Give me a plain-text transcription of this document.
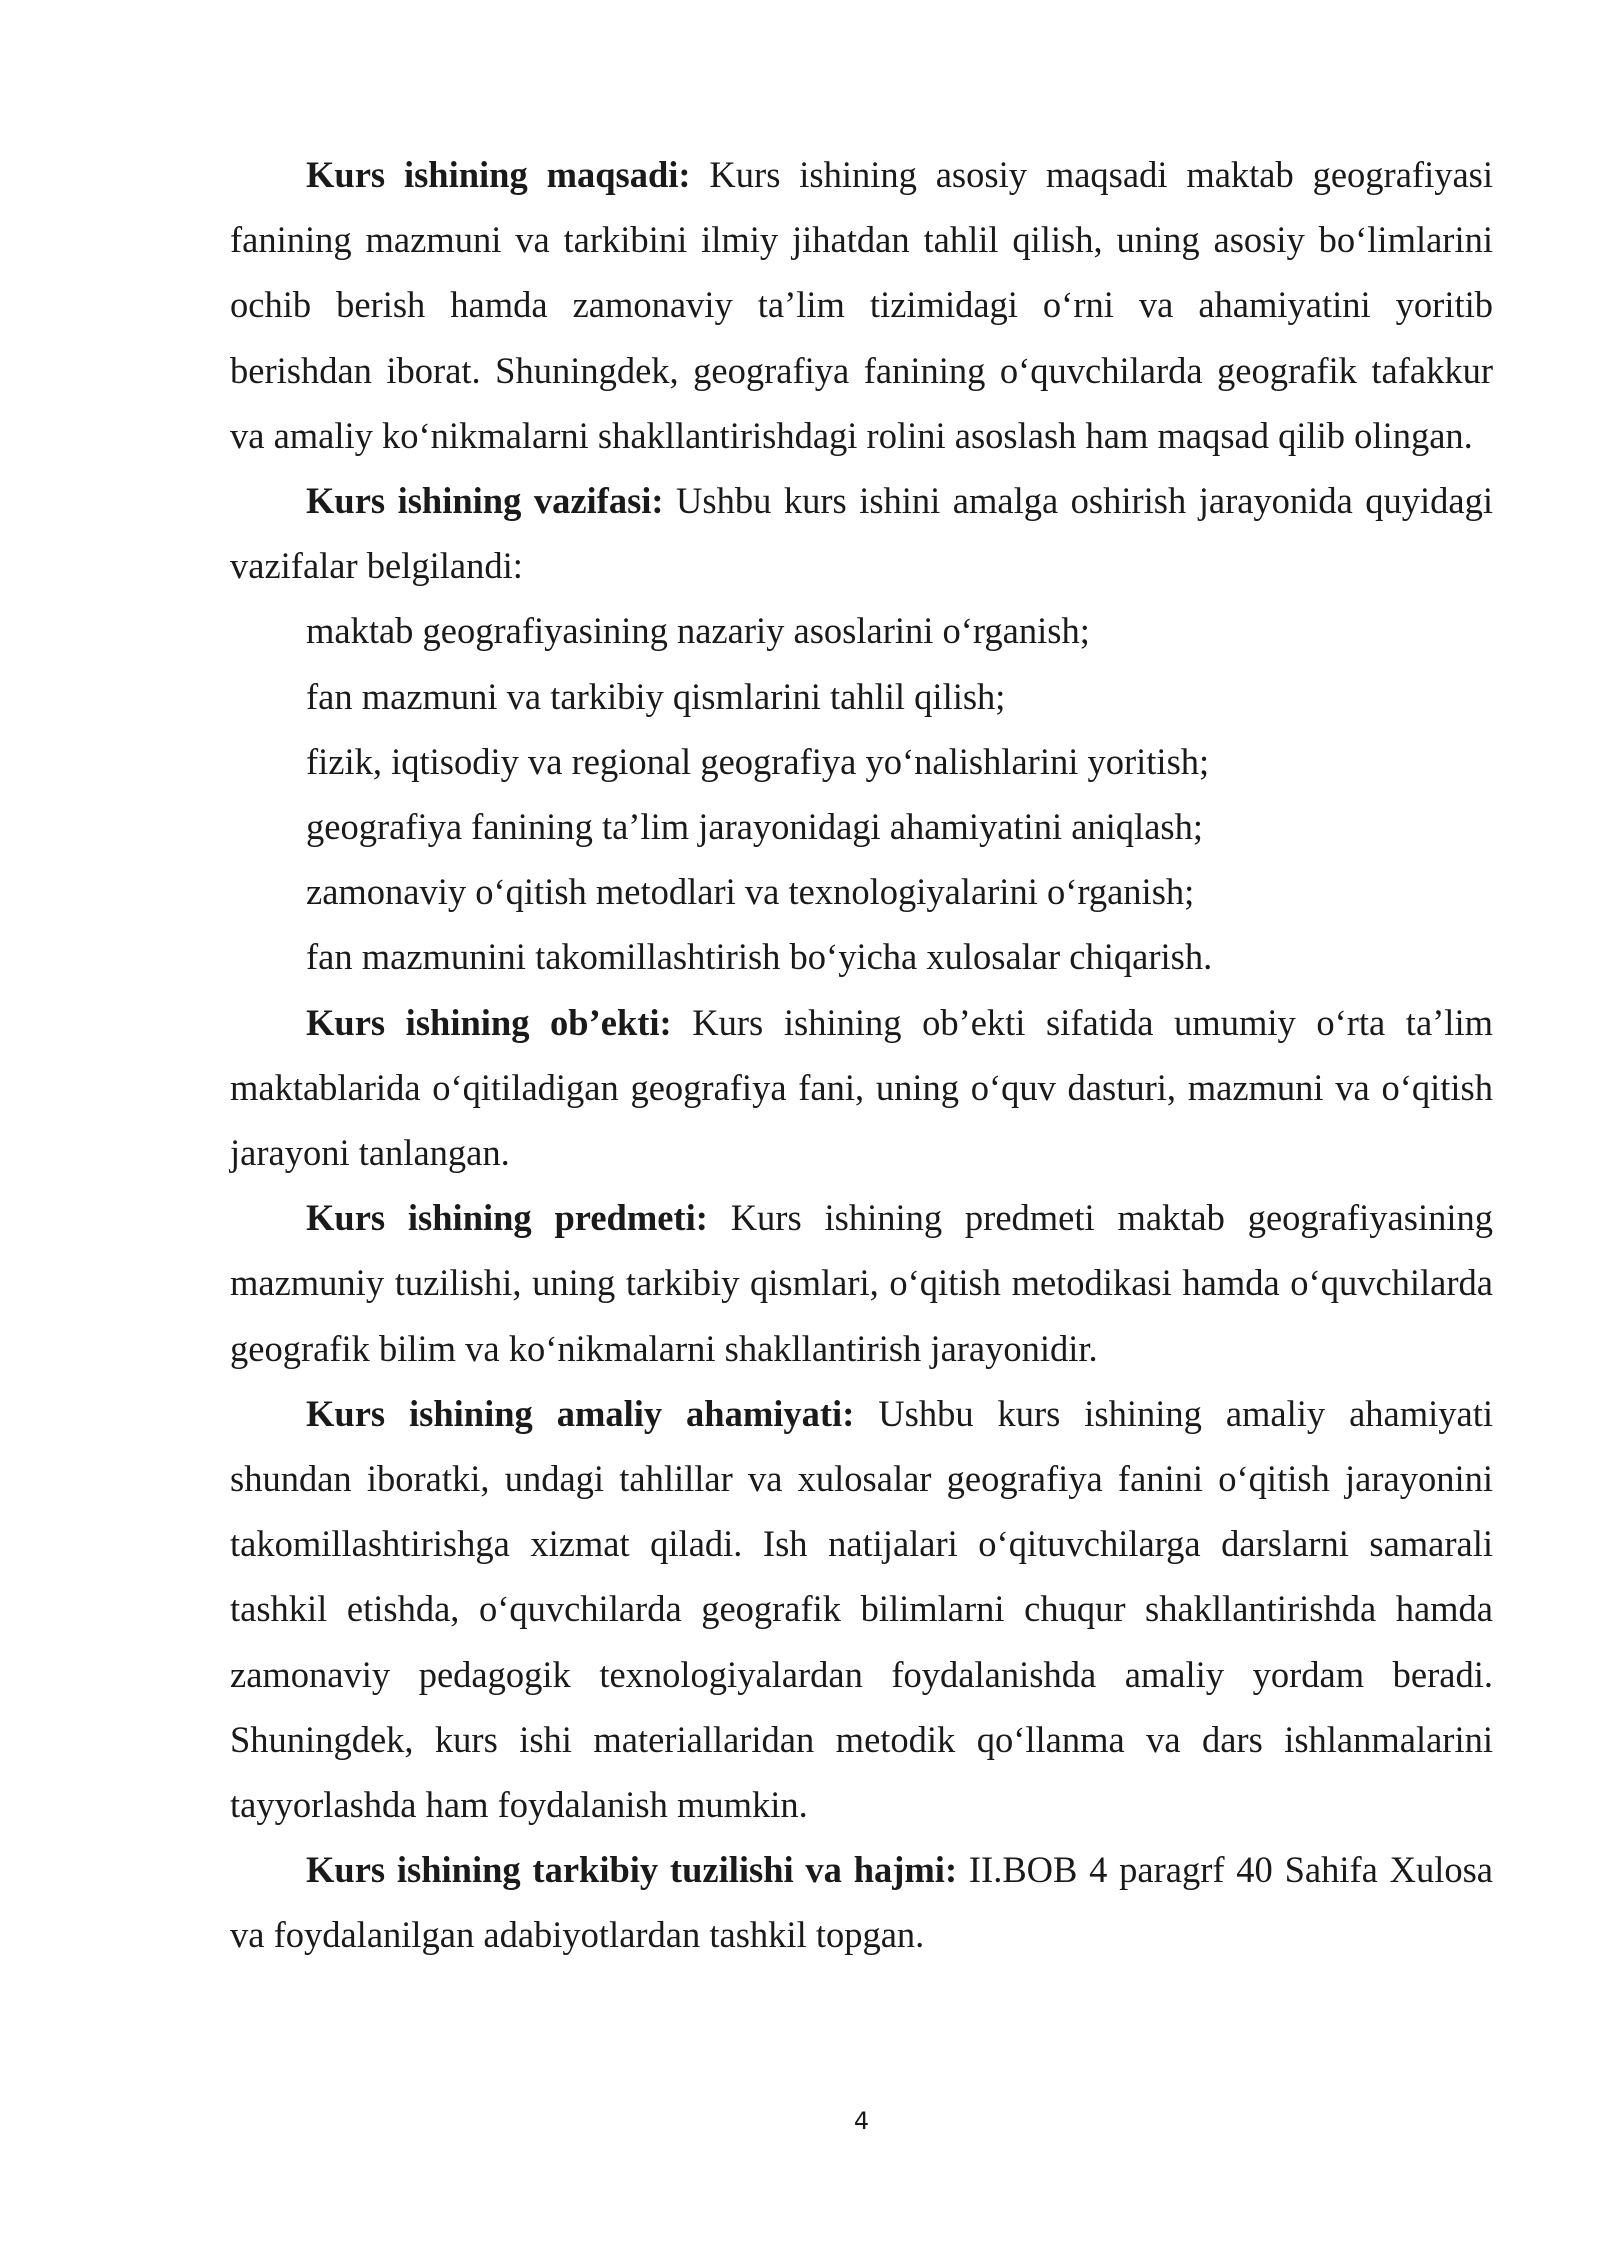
Kurs ishining maqsadi: Kurs ishining asosiy maqsadi maktab geografiyasi fanining mazmuni va tarkibini ilmiy jihatdan tahlil qilish, uning asosiy bo‘limlarini ochib berish hamda zamonaviy ta’lim tizimidagi o‘rni va ahamiyatini yoritib berishdan iborat. Shuningdek, geografiya fanining o‘quvchilarda geografik tafakkur va amaliy ko‘nikmalarni shakllantirishdagi rolini asoslash ham maqsad qilib olingan.

Kurs ishining vazifasi: Ushbu kurs ishini amalga oshirish jarayonida quyidagi vazifalar belgilandi:

maktab geografiyasining nazariy asoslarini o‘rganish;
fan mazmuni va tarkibiy qismlarini tahlil qilish;
fizik, iqtisodiy va regional geografiya yo‘nalishlarini yoritish;
geografiya fanining ta’lim jarayonidagi ahamiyatini aniqlash;
zamonaviy o‘qitish metodlari va texnologiyalarini o‘rganish;
fan mazmunini takomillashtirish bo‘yicha xulosalar chiqarish.

Kurs ishining ob’ekti: Kurs ishining ob’ekti sifatida umumiy o‘rta ta’lim maktablarida o‘qitiladigan geografiya fani, uning o‘quv dasturi, mazmuni va o‘qitish jarayoni tanlangan.

Kurs ishining predmeti: Kurs ishining predmeti maktab geografiyasining mazmuniy tuzilishi, uning tarkibiy qismlari, o‘qitish metodikasi hamda o‘quvchilarda geografik bilim va ko‘nikmalarni shakllantirish jarayonidir.

Kurs ishining amaliy ahamiyati: Ushbu kurs ishining amaliy ahamiyati shundan iboratki, undagi tahlillar va xulosalar geografiya fanini o‘qitish jarayonini takomillashtirishga xizmat qiladi. Ish natijalari o‘qituvchilarga darslarni samarali tashkil etishda, o‘quvchilarda geografik bilimlarni chuqur shakllantirishda hamda zamonaviy pedagogik texnologiyalardan foydalanishda amaliy yordam beradi. Shuningdek, kurs ishi materiallaridan metodik qo‘llanma va dars ishlanmalarini tayyorlashda ham foydalanish mumkin.

Kurs ishining tarkibiy tuzilishi va hajmi: II.BOB 4 paragrf 40 Sahifa Xulosa va foydalanilgan adabiyotlardan tashkil topgan.

4
